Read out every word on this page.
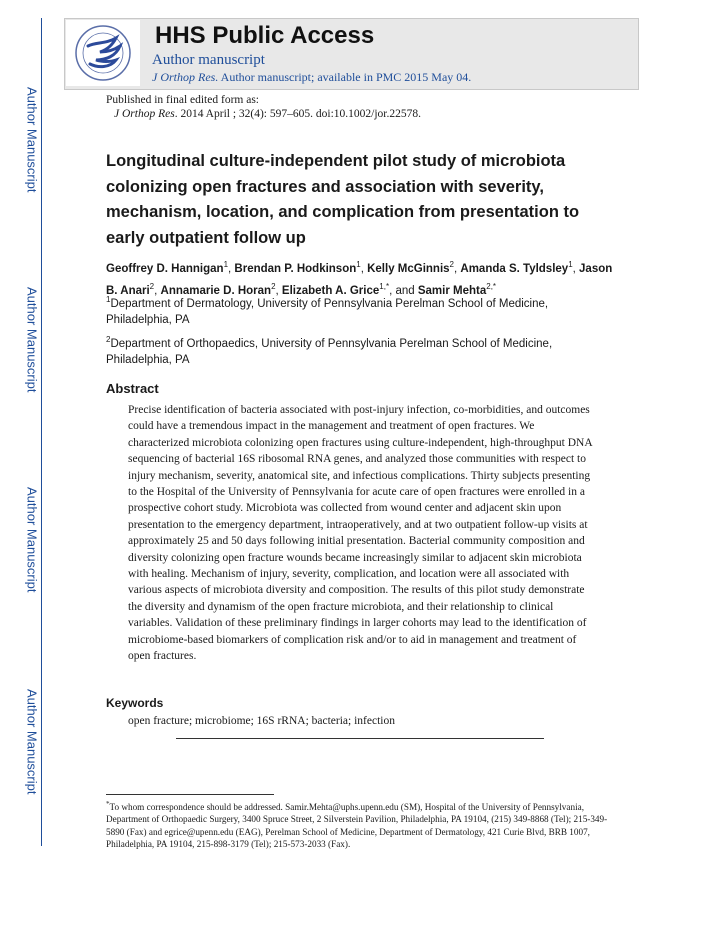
Author Manuscript
Author Manuscript
Author Manuscript
Author Manuscript
HHS Public Access
Author manuscript
J Orthop Res. Author manuscript; available in PMC 2015 May 04.
Published in final edited form as:
J Orthop Res. 2014 April ; 32(4): 597–605. doi:10.1002/jor.22578.
Longitudinal culture-independent pilot study of microbiota colonizing open fractures and association with severity, mechanism, location, and complication from presentation to early outpatient follow up
Geoffrey D. Hannigan$^1$, Brendan P. Hodkinson$^1$, Kelly McGinnis$^2$, Amanda S. Tyldsley$^1$, Jason B. Anari$^2$, Annamarie D. Horan$^2$, Elizabeth A. Grice$^{1,*}$, and Samir Mehta$^{2,*}$
$^1$Department of Dermatology, University of Pennsylvania Perelman School of Medicine, Philadelphia, PA
$^2$Department of Orthopaedics, University of Pennsylvania Perelman School of Medicine, Philadelphia, PA
Abstract
Precise identification of bacteria associated with post-injury infection, co-morbidities, and outcomes could have a tremendous impact in the management and treatment of open fractures. We characterized microbiota colonizing open fractures using culture-independent, high-throughput DNA sequencing of bacterial 16S ribosomal RNA genes, and analyzed those communities with respect to injury mechanism, severity, anatomical site, and infectious complications. Thirty subjects presenting to the Hospital of the University of Pennsylvania for acute care of open fractures were enrolled in a prospective cohort study. Microbiota was collected from wound center and adjacent skin upon presentation to the emergency department, intraoperatively, and at two outpatient follow-up visits at approximately 25 and 50 days following initial presentation. Bacterial community composition and diversity colonizing open fracture wounds became increasingly similar to adjacent skin microbiota with healing. Mechanism of injury, severity, complication, and location were all associated with various aspects of microbiota diversity and composition. The results of this pilot study demonstrate the diversity and dynamism of the open fracture microbiota, and their relationship to clinical variables. Validation of these preliminary findings in larger cohorts may lead to the identification of microbiome-based biomarkers of complication risk and/or to aid in management and treatment of open fractures.
Keywords
open fracture; microbiome; 16S rRNA; bacteria; infection
*To whom correspondence should be addressed. Samir.Mehta@uphs.upenn.edu (SM), Hospital of the University of Pennsylvania, Department of Orthopaedic Surgery, 3400 Spruce Street, 2 Silverstein Pavilion, Philadelphia, PA 19104, (215) 349-8868 (Tel); 215-349-5890 (Fax) and egrice@upenn.edu (EAG), Perelman School of Medicine, Department of Dermatology, 421 Curie Blvd, BRB 1007, Philadelphia, PA 19104, 215-898-3179 (Tel); 215-573-2033 (Fax).
